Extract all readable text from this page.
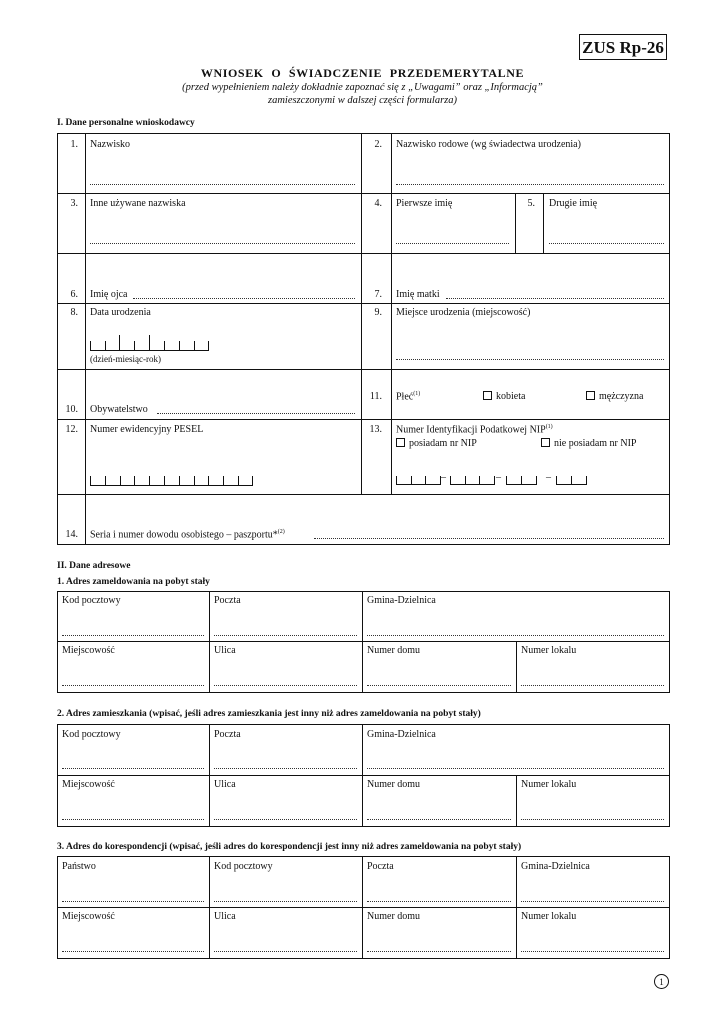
ZUS Rp-26
WNIOSEK O ŚWIADCZENIE PRZEDEMERYTALNE
(przed wypełnieniem należy dokładnie zapoznać się z „Uwagami” oraz „Informacją”
zamieszczonymi w dalszej części formularza)
I. Dane personalne wnioskodawcy
1. Nazwisko	2. Nazwisko rodowe (wg świadectwa urodzenia)
3. Inne używane nazwiska	4. Pierwsze imię	5. Drugie imię
6. Imię ojca	7. Imię matki
8. Data urodzenia
(dzień-miesiąc-rok)
9. Miejsce urodzenia (miejscowość)
10. Obywatelstwo
11. Płeć$^{(1)}$	kobieta	mężczyzna
12. Numer ewidencyjny PESEL	13. Numer Identyfikacji Podatkowej NIP$^{(1)}$
posiadam nr NIP	nie posiadam nr NIP
–	–	–
14. Seria i numer dowodu osobistego – paszportu*$^{(2)}$
II. Dane adresowe
1. Adres zameldowania na pobyt stały
Kod pocztowy	Poczta	Gmina-Dzielnica
Miejscowość	Ulica	Numer domu	Numer lokalu
2. Adres zamieszkania (wpisać, jeśli adres zamieszkania jest inny niż adres zameldowania na pobyt stały)
Kod pocztowy	Poczta	Gmina-Dzielnica
Miejscowość	Ulica	Numer domu	Numer lokalu
3. Adres do korespondencji (wpisać, jeśli adres do korespondencji jest inny niż adres zameldowania na pobyt stały)
Państwo	Kod pocztowy	Poczta	Gmina-Dzielnica
Miejscowość	Ulica	Numer domu	Numer lokalu
1
